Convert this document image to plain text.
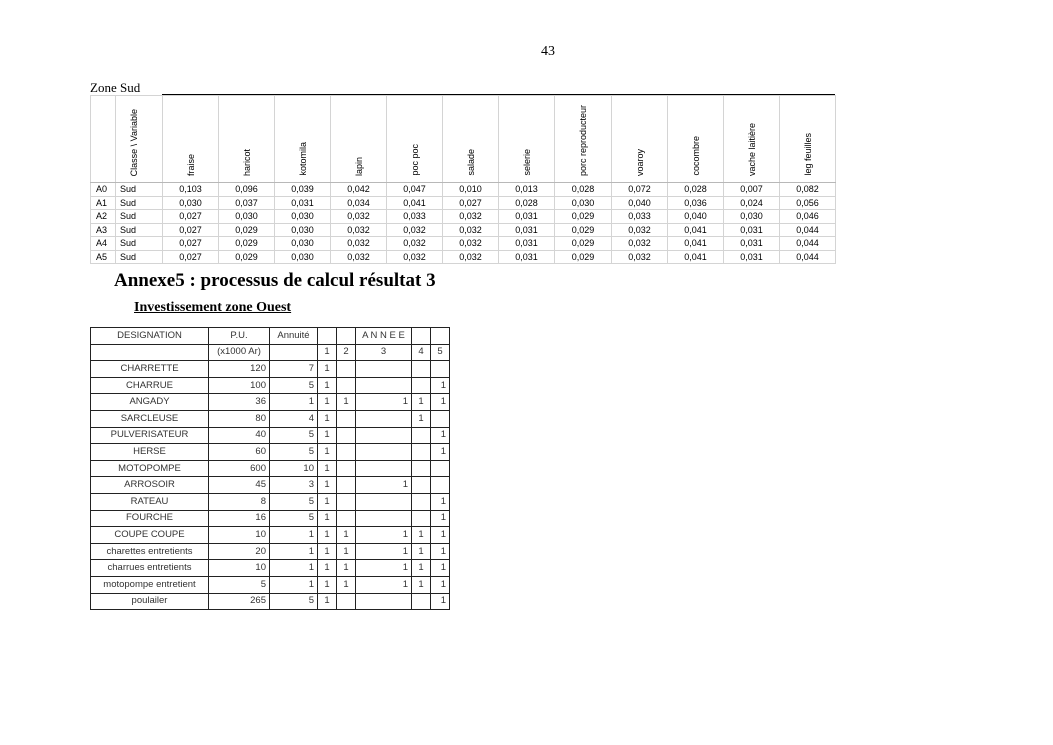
43
Zone Sud
	Classe \ Variable	fraise	haricot	kotomila	lapin	poc poc	salade	selerie	porc reproducteur	voaroy	cocombre	vache laitière	leg feuilles
A0	Sud	0,103	0,096	0,039	0,042	0,047	0,010	0,013	0,028	0,072	0,028	0,007	0,082
A1	Sud	0,030	0,037	0,031	0,034	0,041	0,027	0,028	0,030	0,040	0,036	0,024	0,056
A2	Sud	0,027	0,030	0,030	0,032	0,033	0,032	0,031	0,029	0,033	0,040	0,030	0,046
A3	Sud	0,027	0,029	0,030	0,032	0,032	0,032	0,031	0,029	0,032	0,041	0,031	0,044
A4	Sud	0,027	0,029	0,030	0,032	0,032	0,032	0,031	0,029	0,032	0,041	0,031	0,044
A5	Sud	0,027	0,029	0,030	0,032	0,032	0,032	0,031	0,029	0,032	0,041	0,031	0,044
Annexe5 : processus de calcul résultat 3
Investissement zone Ouest
DESIGNATION	P.U.	Annuité			A N N E E		
	(x1000 Ar)		1	2	3	4	5
CHARRETTE	120	7	1				
CHARRUE	100	5	1				1
ANGADY	36	1	1	1	1	1	1
SARCLEUSE	80	4	1			1	
PULVERISATEUR	40	5	1				1
HERSE	60	5	1				1
MOTOPOMPE	600	10	1				
ARROSOIR	45	3	1		1		
RATEAU	8	5	1				1
FOURCHE	16	5	1				1
COUPE COUPE	10	1	1	1	1	1	1
charettes entretients	20	1	1	1	1	1	1
charrues entretients	10	1	1	1	1	1	1
motopompe entretient	5	1	1	1	1	1	1
poulailer	265	5	1				1
